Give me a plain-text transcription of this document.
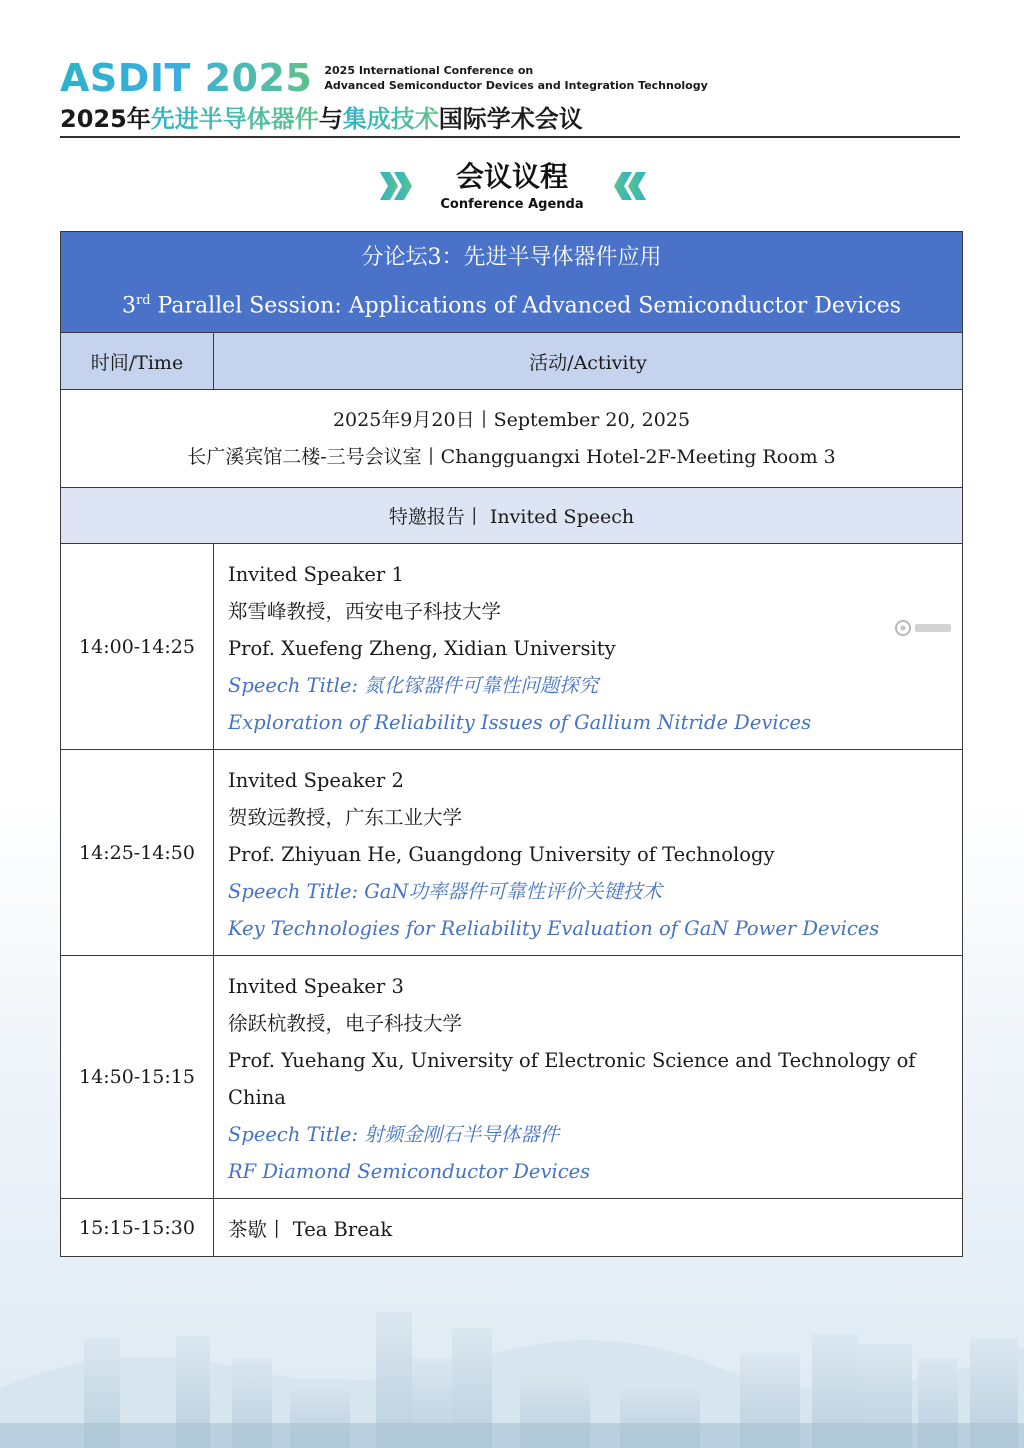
ASDIT 2025 2025 International Conference on
Advanced Semiconductor Devices and Integration Technology
2025年先进半导体器件与集成技术国际学术会议
会议议程
Conference Agenda
分论坛3：先进半导体器件应用
3rd Parallel Session: Applications of Advanced Semiconductor Devices	

时间/Time	活动/Activity

2025年9月20日丨September 20, 2025
长广溪宾馆二楼-三号会议室丨Changguangxi Hotel-2F-Meeting Room 3	

特邀报告丨 Invited Speech	
14:00-14:25	Invited Speaker 1
郑雪峰教授，西安电子科技大学
Prof. Xuefeng Zheng, Xidian University
Speech Title: 氮化镓器件可靠性问题探究
Exploration of Reliability Issues of Gallium Nitride Devices

14:25-14:50	Invited Speaker 2
贺致远教授，广东工业大学
Prof. Zhiyuan He, Guangdong University of Technology
Speech Title: GaN功率器件可靠性评价关键技术
Key Technologies for Reliability Evaluation of GaN Power Devices

14:50-15:15	Invited Speaker 3
徐跃杭教授，电子科技大学
Prof. Yuehang Xu, University of Electronic Science and Technology of China
Speech Title: 射频金刚石半导体器件
RF Diamond Semiconductor Devices

15:15-15:30	茶歇丨 Tea Break
